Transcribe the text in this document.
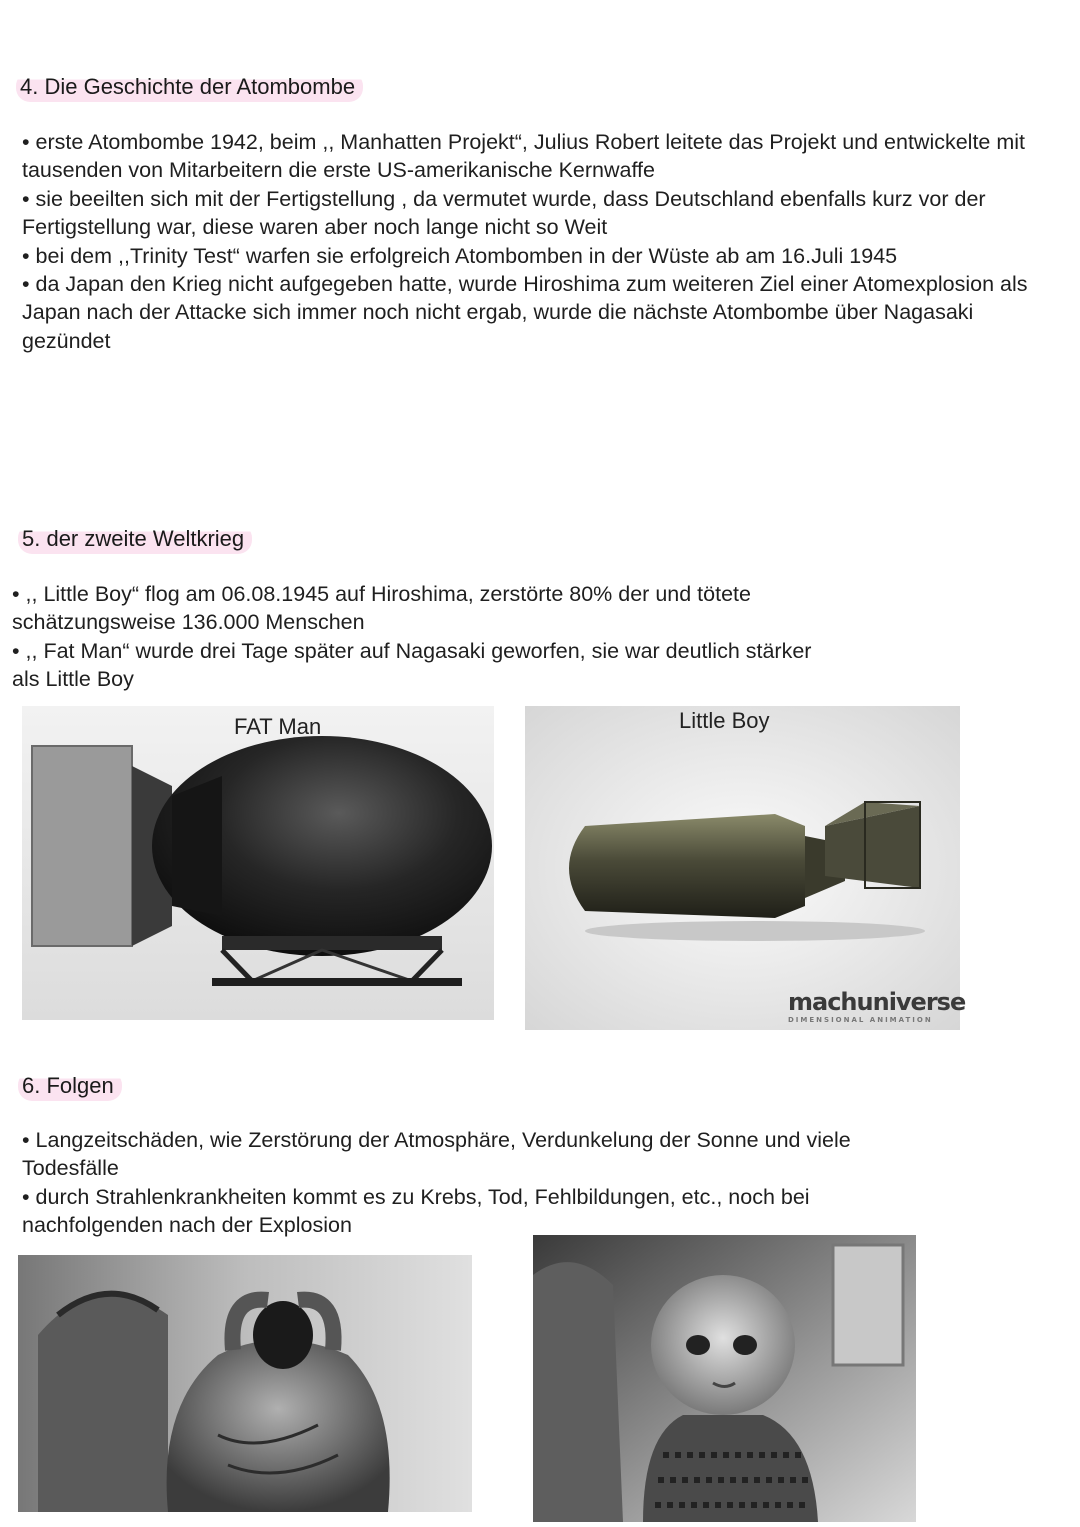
4. Die Geschichte der Atombombe

• erste Atombombe 1942, beim ,, Manhatten Projekt“, Julius Robert leitete das Projekt und entwickelte mit tausenden von Mitarbeitern die erste US-amerikanische Kernwaffe

• sie beeilten sich mit der Fertigstellung , da vermutet wurde, dass Deutschland ebenfalls kurz vor der Fertigstellung war, diese waren aber noch lange nicht so Weit

• bei dem ,,Trinity Test“ warfen sie erfolgreich Atombomben in der Wüste ab am 16.Juli 1945

• da Japan den Krieg nicht aufgegeben hatte, wurde Hiroshima zum weiteren Ziel einer Atomexplosion als Japan nach der Attacke sich immer noch nicht ergab, wurde die nächste Atombombe über Nagasaki gezündet

5. der zweite Weltkrieg

• ,, Little Boy“ flog am 06.08.1945 auf Hiroshima, zerstörte 80% der und tötete schätzungsweise 136.000 Menschen

• ,, Fat Man“ wurde drei Tage später auf Nagasaki geworfen, sie war deutlich stärker als Little Boy

FAT Man	Little Boy
machuniverse
DIMENSIONAL ANIMATION
6. Folgen

• Langzeitschäden, wie Zerstörung der Atmosphäre, Verdunkelung der Sonne und viele Todesfälle

• durch Strahlenkrankheiten kommt es zu Krebs, Tod, Fehlbildungen, etc., noch bei nachfolgenden nach der Explosion
